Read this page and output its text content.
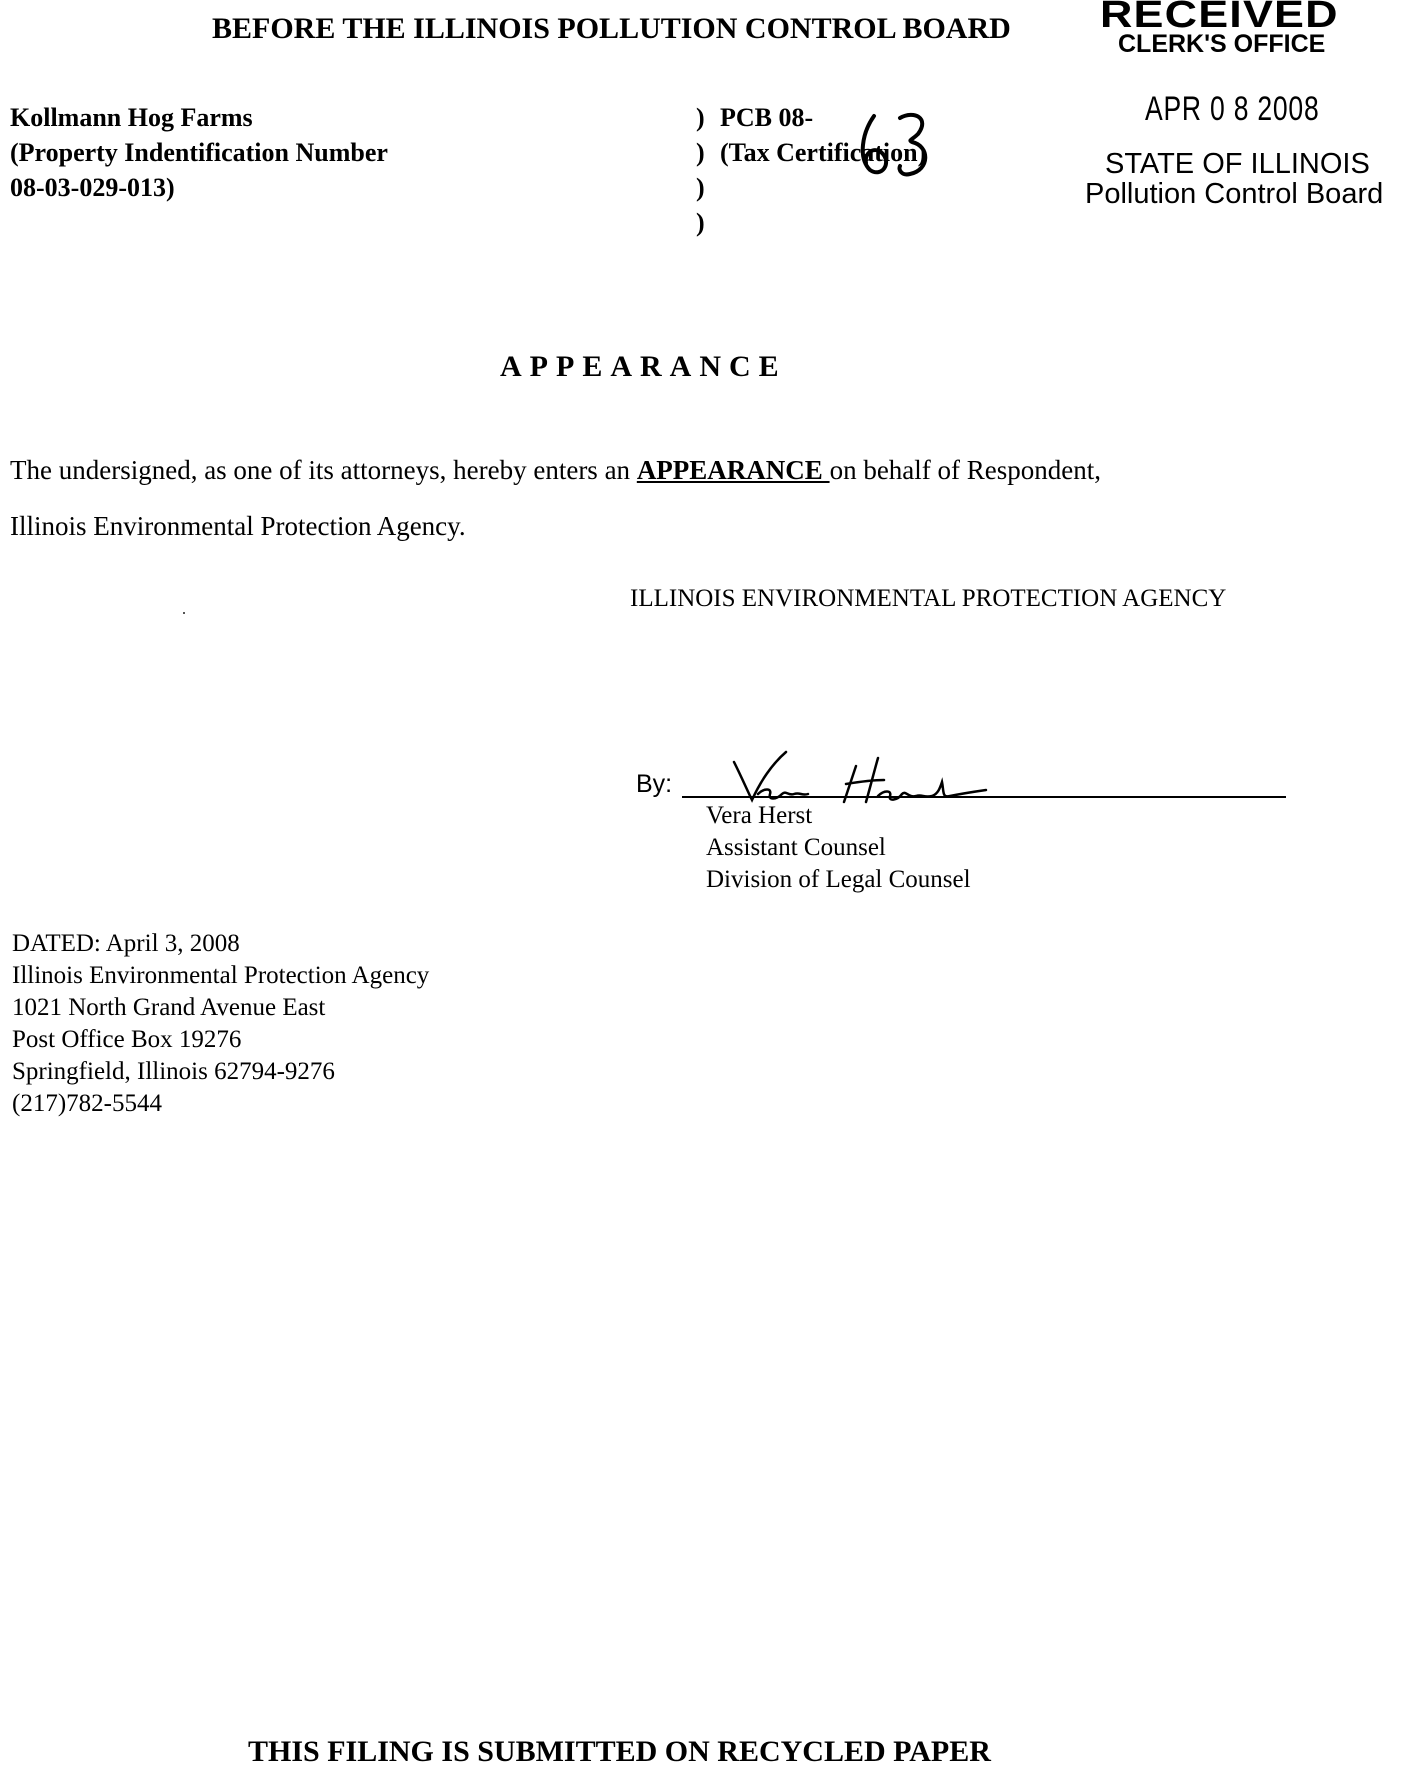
BEFORE THE ILLINOIS POLLUTION CONTROL BOARD RECEIVED
CLERK'S OFFICE
APR 0 8 2008
STATE OF ILLINOIS
Pollution Control Board
Kollmann Hog Farms
(Property Indentification Number
08-03-029-013)
)
)
)
)
PCB 08-
(Tax Certification)
APPEARANCE
The undersigned, as one of its attorneys, hereby enters an APPEARANCE on behalf of Respondent,
Illinois Environmental Protection Agency.
ILLINOIS ENVIRONMENTAL PROTECTION AGENCY
By:
Vera Herst
Assistant Counsel
Division of Legal Counsel
DATED: April 3, 2008
Illinois Environmental Protection Agency
1021 North Grand Avenue East
Post Office Box 19276
Springfield, Illinois 62794-9276
(217)782-5544
THIS FILING IS SUBMITTED ON RECYCLED PAPER
